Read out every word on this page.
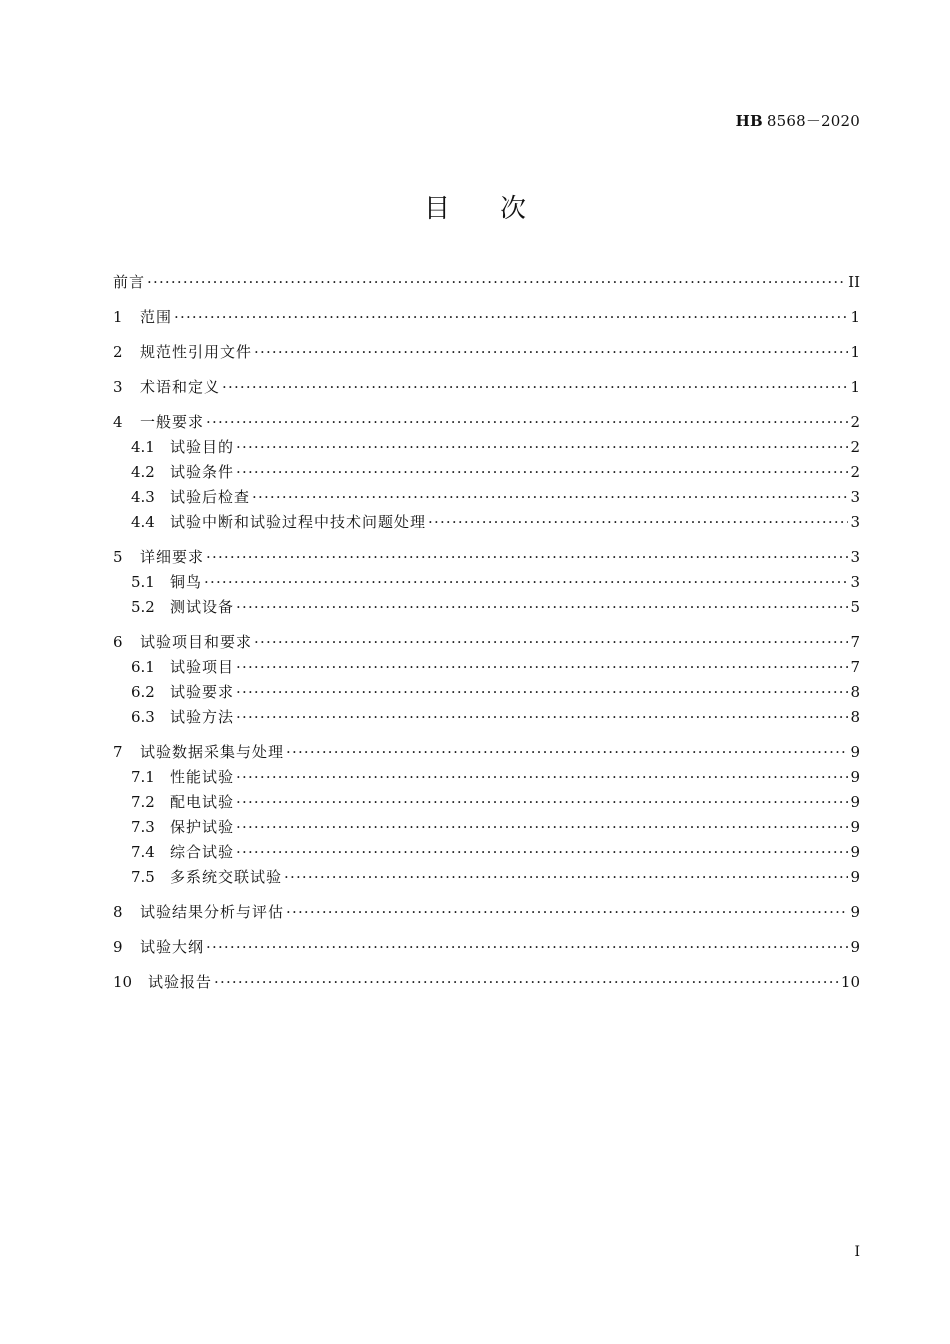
HB 8568－2020
目次
前言 ·····	II
1	范围 ·····	1
2	规范性引用文件 ·····	1
3	术语和定义 ·····	1
4	一般要求 ·····	2
4.1	试验目的 ·····	2
4.2	试验条件 ·····	2
4.3	试验后检查 ·····	3
4.4	试验中断和试验过程中技术问题处理 ·····	3
5	详细要求 ·····	3
5.1	铜鸟 ·····	3
5.2	测试设备 ·····	5
6	试验项目和要求 ·····	7
6.1	试验项目 ·····	7
6.2	试验要求 ·····	8
6.3	试验方法 ·····	8
7	试验数据采集与处理 ·····	9
7.1	性能试验 ·····	9
7.2	配电试验 ·····	9
7.3	保护试验 ·····	9
7.4	综合试验 ·····	9
7.5	多系统交联试验 ·····	9
8	试验结果分析与评估 ·····	9
9	试验大纲 ·····	9
10	试验报告 ·····	10
I
